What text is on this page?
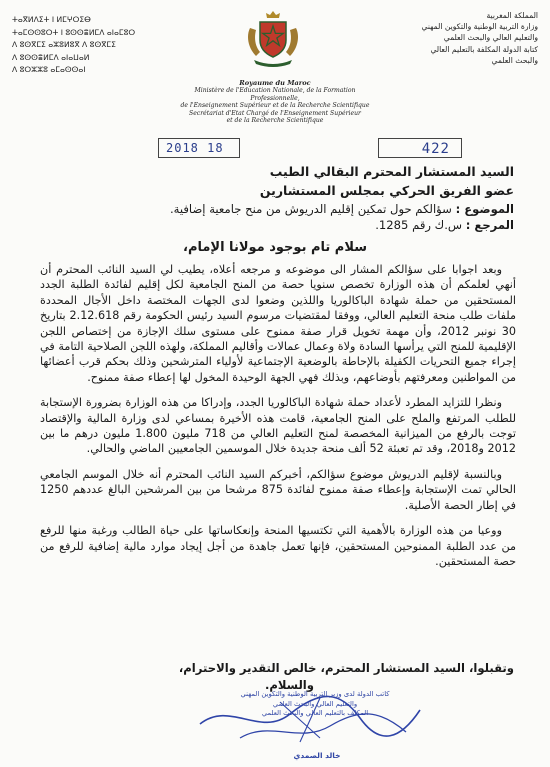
ⵜⴰⴳⵍⴷⵉⵜ ⵏ ⵍⵎⵖⵔⵉⴱ
ⵜⴰⵎⵙⵙⵓⵔⵜ ⵏ ⵓⵙⵙⴻⵍⵎⴷ ⴰⵏⴰⵎⵓⵔ
ⴷ ⵓⵙⴳⵎⵉ ⴰⵣⵓⵍⵓⴳ ⴷ ⵓⵙⴳⵎⵉ
ⴷ ⵓⵙⵙⴻⵍⵎⴷ ⴰⵏⴰⵡⴰⵍ
ⴷ ⵓⵔⵣⵣⵓ ⴰⵎⴰⵙⵙⴰⵏ
المملكة المغربية
وزارة التربية الوطنية والتكوين المهني
والتعليم العالي والبحث العلمي
كتابة الدولة المكلفة بالتعليم العالي
والبحث العلمي
Royaume du Maroc
Ministère de l'Education Nationale, de la Formation Professionnelle,
de l'Enseignement Supérieur et de la Recherche Scientifique
Secrétariat d'Etat Chargé de l'Enseignement Supérieur
et de la Recherche Scientifique
2018 18	422
السيد المستشار المحترم البقالي الطيب
عضو الفريق الحركي بمجلس المستشارين
الموضوع : سؤالكم حول تمكين إقليم الدريوش من منح جامعية إضافية.
المرجع : س.ك رقم 1285.
سلام تام بوجود مولانا الإمام،

وبعد اجوابا على سؤالكم المشار الى موضوعه و مرجعه أعلاه، يطيب لي السيد النائب المحترم أن أنهي لعلمكم أن هذه الوزارة تخصص سنويا حصة من المنح الجامعية لكل إقليم لفائدة الطلبة الجدد المستحقين من حملة شهادة الباكالوريا واللذين وضعوا لدى الجهات المختصة داخل الأجال المحددة ملفات طلب منحة التعليم العالي، ووفقا لمقتضيات مرسوم السيد رئيس الحكومة رقم 2.12.618 بتاريخ 30 نونبر 2012، وأن مهمة تخويل قرار صفة ممنوح على مستوى سلك الإجازة من إختصاص اللجن الإقليمية للمنح التي يرأسها السادة ولاة وعمال عمالات وأقاليم المملكة، ولهذه اللجن الصلاحية التامة في إجراء جميع التحريات الكفيلة بالإحاطة بالوضعية الإجتماعية لأولياء المترشحين وذلك بحكم قرب أعضائها من المواطنين ومعرفتهم بأوضاعهم، وبذلك فهي الجهة الوحيدة المخول لها إعطاء صفة ممنوح.

ونظرا للتزايد المطرد لأعداد حملة شهادة الباكالوريا الجدد، وإدراكا من هذه الوزارة بضرورة الإستجابة للطلب المرتفع والملح على المنح الجامعية، قامت هذه الأخيرة بمساعي لدى وزارة المالية والإقتصاد توجت بالرفع من الميزانية المخصصة لمنح التعليم العالي من 718 مليون 1.800 مليون درهم ما بين 2012 و2018، وقد تم تعبئة 52 ألف منحة جديدة خلال الموسمين الجامعيين الماضي والحالي.

وبالنسبة لإقليم الدريوش موضوع سؤالكم، أخبركم السيد النائب المحترم أنه خلال الموسم الجامعي الحالي تمت الإستجابة وإعطاء صفة ممنوح لفائدة 875 مرشحا من بين المرشحين البالغ عددهم 1250 في إطار الحصة الأصلية.

ووعيا من هذه الوزارة بالأهمية التي تكتسيها المنحة وإنعكاساتها على حياة الطالب ورغبة منها للرفع من عدد الطلبة الممنوحين المستحقين، فإنها تعمل جاهدة من أجل إيجاد موارد مالية إضافية للرفع من حصة المستحقين.

وتقبلوا، السيد المستشار المحترم، خالص التقدير والاحترام،
والسلام.
كاتب الدولة لدى وزير التربية الوطنية والتكوين المهني
والتعليم العالي والبحث العلمي
المكلف بالتعليم العالي والبحث العلمي
خالد الصمدي
